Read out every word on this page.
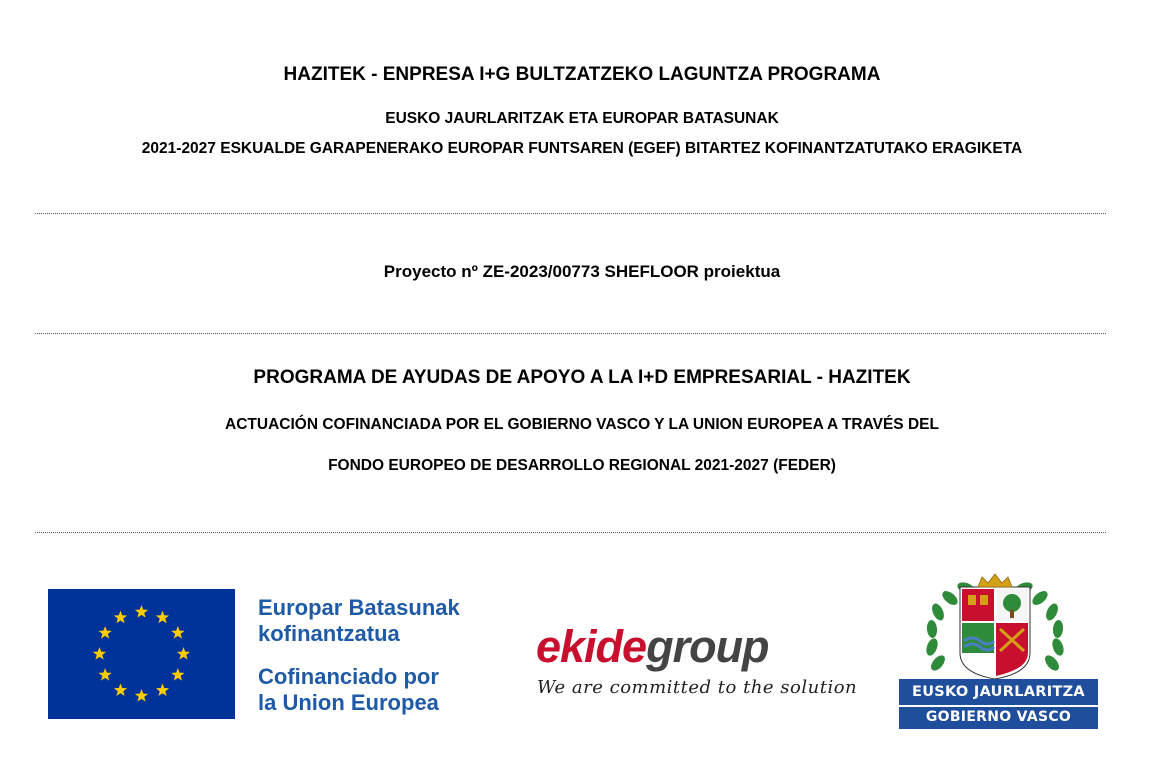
HAZITEK - ENPRESA I+G BULTZATZEKO LAGUNTZA PROGRAMA
EUSKO JAURLARITZAK ETA EUROPAR BATASUNAK
2021-2027 ESKUALDE GARAPENERAKO EUROPAR FUNTSAREN (EGEF) BITARTEZ KOFINANTZATUTAKO ERAGIKETA
Proyecto nº ZE-2023/00773 SHEFLOOR proiektua
PROGRAMA DE AYUDAS DE APOYO A LA I+D EMPRESARIAL - HAZITEK
ACTUACIÓN COFINANCIADA POR EL GOBIERNO VASCO Y LA UNION EUROPEA A TRAVÉS DEL
FONDO EUROPEO DE DESARROLLO REGIONAL 2021-2027 (FEDER)
Europar Batasunak
kofinantzatua
Cofinanciado por
la Union Europea
ekidegroup
We are committed to the solution	EUSKO JAURLARITZA
GOBIERNO VASCO
